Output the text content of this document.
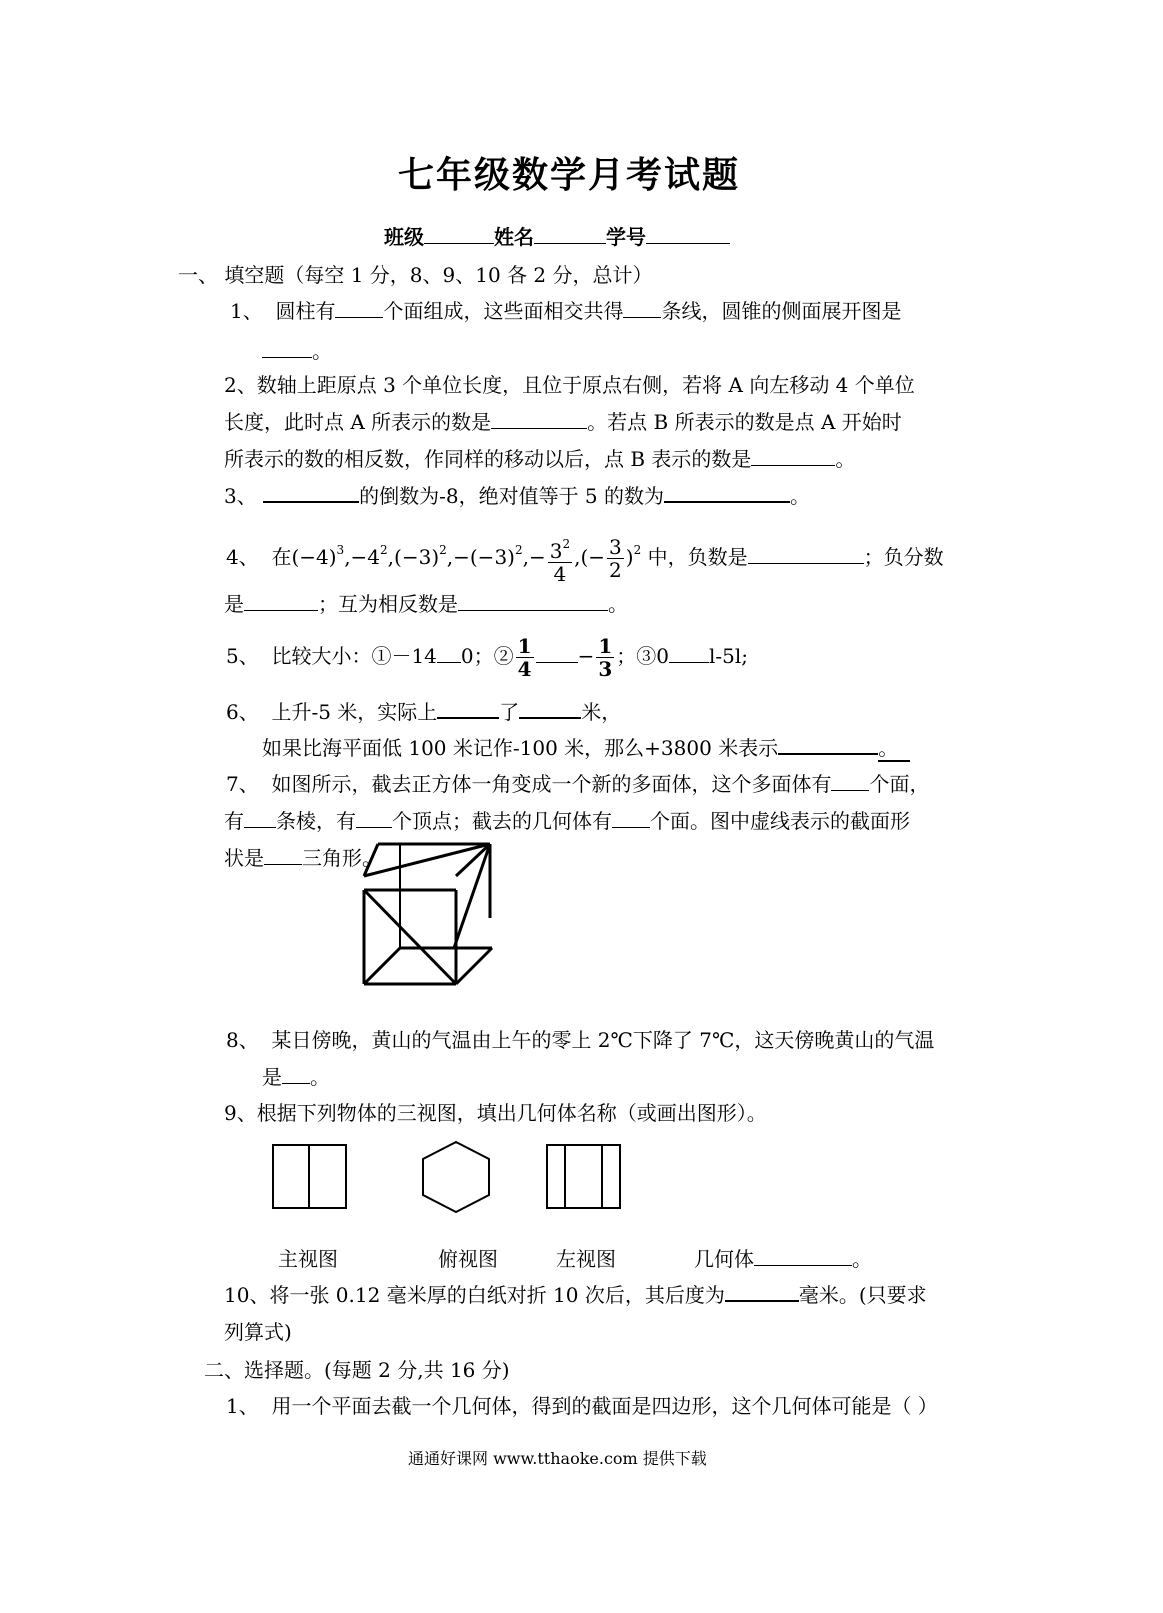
七年级数学月考试题
班级	姓名	学号
一、 填空题（每空 1 分，8、9、10 各 2 分，总计）
1、 圆柱有 个面组成，这些面相交共得 条线，圆锥的侧面展开图是
。
2、数轴上距原点 3 个单位长度，且位于原点右侧，若将 A 向左移动 4 个单位
长度，此时点 A 所表示的数是	。若点 B 所表示的数是点 A 开始时
所表示的数的相反数，作同样的移动以后，点 B 表示的数是	。
3、	的倒数为-8，绝对值等于 5 的数为	。
4、 在$(-4)^3,-4^2,(-3)^2,-(-3)^2,- \frac{3^2}{4}$ ,(− $\frac{3}{2} )^2$ 中，负数是	；负分数
是	；互为相反数是	。
5、 比较大小：①－14 0；② $\frac{1}{4} - \frac{1}{3}$ ；③0 l-5l;
6、 上升-5 米，实际上	了	米，
如果比海平面低 100 米记作-100 米，那么+3800 米表示	。
7、 如图所示，截去正方体一角变成一个新的多面体，这个多面体有 个面，
有 条棱，有 个顶点；截去的几何体有 个面。图中虚线表示的截面形
状是 三角形。
8、 某日傍晚，黄山的气温由上午的零上 2℃下降了 7℃，这天傍晚黄山的气温
是 。
9、根据下列物体的三视图，填出几何体名称（或画出图形）。
主视图	俯视图	左视图	几何体	。
10、将一张 0.12 毫米厚的白纸对折 10 次后，其后度为	毫米。(只要求
列算式)
二、选择题。(每题 2 分,共 16 分)
1、 用一个平面去截一个几何体，得到的截面是四边形，这个几何体可能是（ ）
通通好课网 www.tthaoke.com 提供下载
